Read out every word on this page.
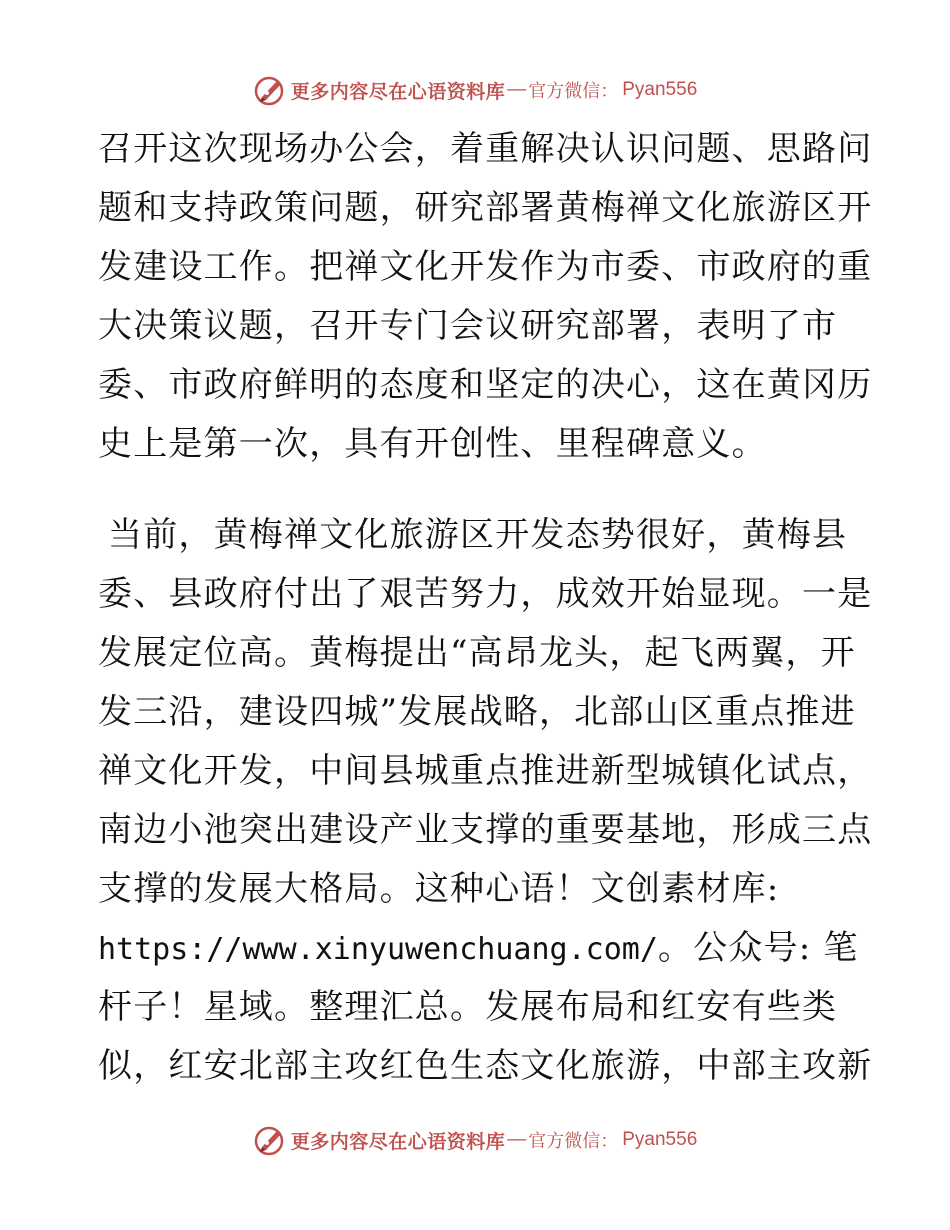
更多内容尽在心语资料库 — 官方微信： Pyan556
召开这次现场办公会，着重解决认识问题、思路问
题和支持政策问题，研究部署黄梅禅文化旅游区开
发建设工作。把禅文化开发作为市委、市政府的重
大决策议题，召开专门会议研究部署，表明了市
委、市政府鲜明的态度和坚定的决心，这在黄冈历
史上是第一次，具有开创性、里程碑意义。
当前，黄梅禅文化旅游区开发态势很好，黄梅县
委、县政府付出了艰苦努力，成效开始显现。一是
发展定位高。黄梅提出“高昂龙头，起飞两翼，开
发三沿，建设四城”发展战略，北部山区重点推进
禅文化开发，中间县城重点推进新型城镇化试点，
南边小池突出建设产业支撑的重要基地，形成三点
支撑的发展大格局。这种心语！文创素材库:
https://www.xinyuwenchuang.com/。公众号: 笔
杆子！星域。整理汇总。发展布局和红安有些类
似，红安北部主攻红色生态文化旅游，中部主攻新
更多内容尽在心语资料库 — 官方微信： Pyan556
